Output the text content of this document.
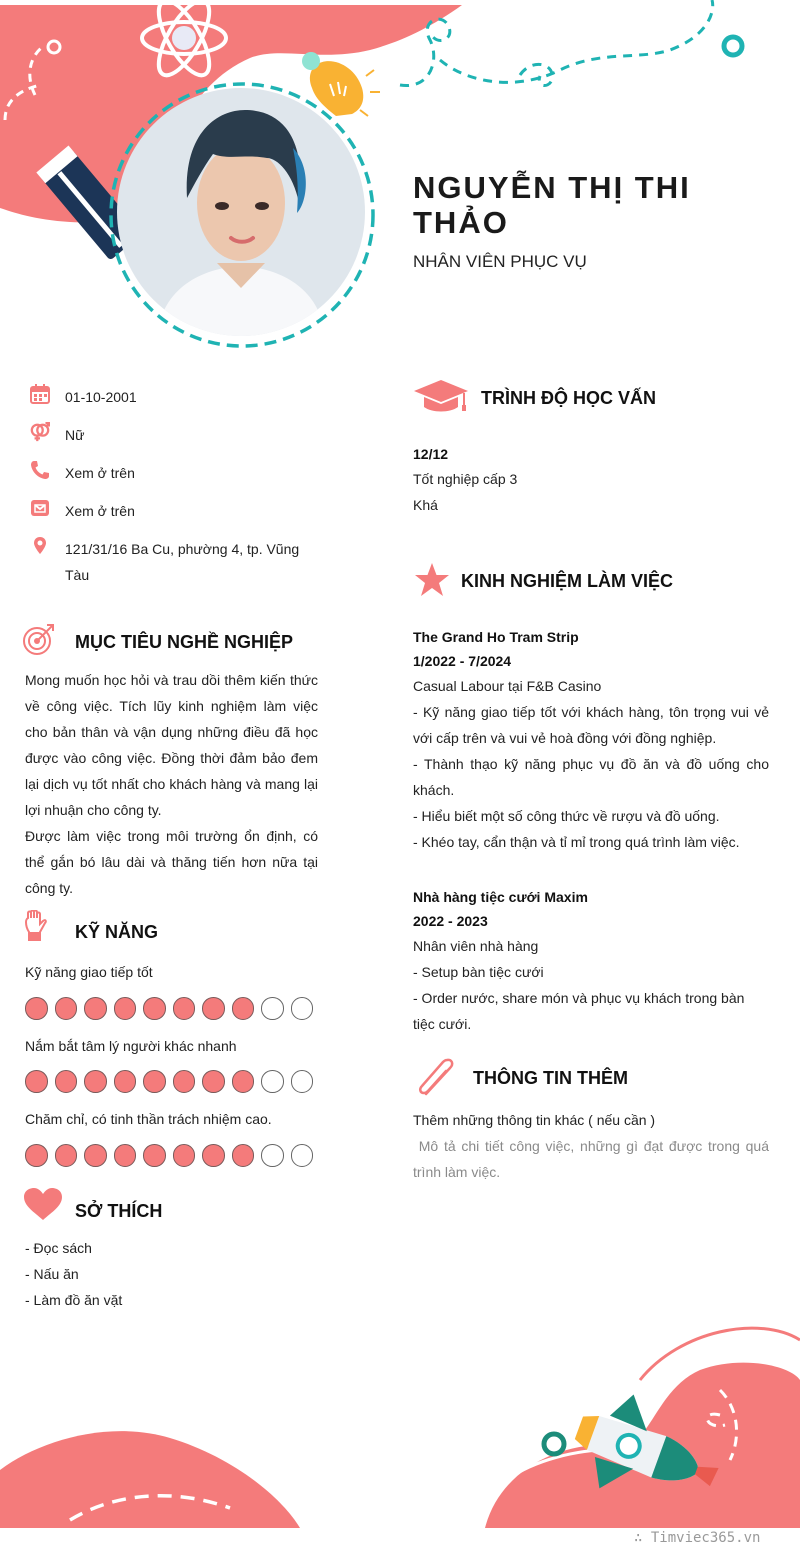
NGUYỄN THỊ THI THẢO
NHÂN VIÊN PHỤC VỤ
01-10-2001
Nữ
Xem ở trên
Xem ở trên
121/31/16 Ba Cu, phường 4, tp. Vũng Tàu
MỤC TIÊU NGHỀ NGHIỆP
Mong muốn học hỏi và trau dồi thêm kiến thức về công việc. Tích lũy kinh nghiệm làm việc cho bản thân và vận dụng những điều đã học được vào công việc. Đồng thời đảm bảo đem lại dịch vụ tốt nhất cho khách hàng và mang lại lợi nhuận cho công ty.
Được làm việc trong môi trường ổn định, có thể gắn bó lâu dài và thăng tiến hơn nữa tại công ty.
KỸ NĂNG
Kỹ năng giao tiếp tốt
Nắm bắt tâm lý người khác nhanh
Chăm chỉ, có tinh thần trách nhiệm cao.
SỞ THÍCH
- Đọc sách
- Nấu ăn
- Làm đồ ăn vặt
TRÌNH ĐỘ HỌC VẤN
12/12
Tốt nghiệp cấp 3
Khá
KINH NGHIỆM LÀM VIỆC
The Grand Ho Tram Strip
1/2022 - 7/2024
Casual Labour tại F&B Casino
- Kỹ năng giao tiếp tốt với khách hàng, tôn trọng vui vẻ với cấp trên và vui vẻ hoà đồng với đồng nghiệp.
- Thành thạo kỹ năng phục vụ đồ ăn và đồ uống cho khách.
- Hiểu biết một số công thức về rượu và đồ uống.
- Khéo tay, cẩn thận và tỉ mỉ trong quá trình làm việc.
Nhà hàng tiệc cưới Maxim
2022 - 2023
Nhân viên nhà hàng
- Setup bàn tiệc cưới
- Order nước, share món và phục vụ khách trong bàn tiệc cưới.
THÔNG TIN THÊM
Thêm những thông tin khác ( nếu cần )
Mô tả chi tiết công việc, những gì đạt được trong quá trình làm việc.
∴ Timviec365.vn
